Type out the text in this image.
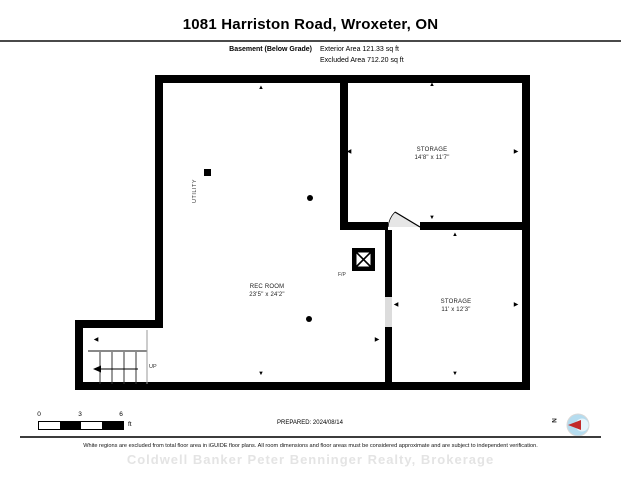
1081 Harriston Road, Wroxeter, ON
Basement (Below Grade) Exterior Area 121.33 sq ft
Excluded Area 712.20 sq ft
UP
F/P
STORAGE
14'8" x 11'7"
STORAGE
11' x 12'3"
REC ROOM
23'5" x 24'2"
UTILITY
▲
◀	▶
▼
▲
◀	▶
▼
▲
▼
◀	▶
0	3	6
ft	PREPARED: 2024/08/14	N
White regions are excluded from total floor area in iGUIDE floor plans. All room dimensions and floor areas must be considered approximate and are subject to independent verification.
Coldwell Banker Peter Benninger Realty, Brokerage
